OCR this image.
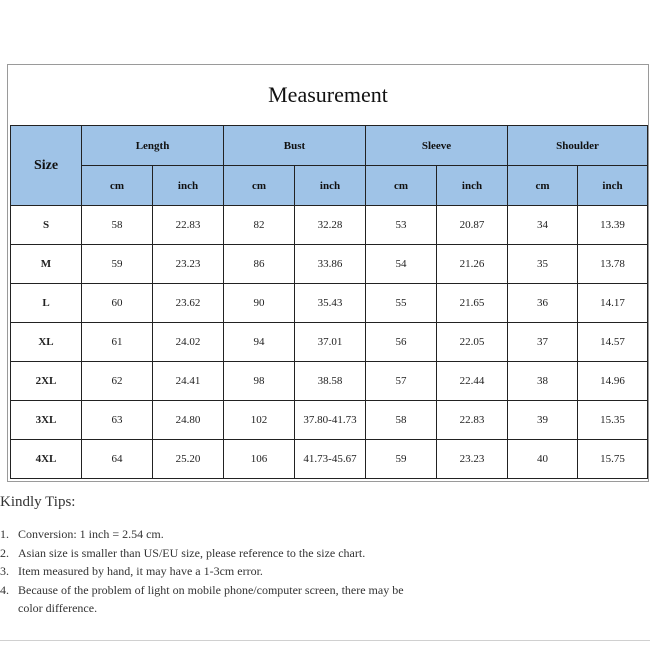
Measurement
Size	Length		Bust		Sleeve		Shoulder	
	cm	inch	cm	inch	cm	inch	cm	inch
S	58	22.83	82	32.28	53	20.87	34	13.39
M	59	23.23	86	33.86	54	21.26	35	13.78
L	60	23.62	90	35.43	55	21.65	36	14.17
XL	61	24.02	94	37.01	56	22.05	37	14.57
2XL	62	24.41	98	38.58	57	22.44	38	14.96
3XL	63	24.80	102	37.80-41.73	58	22.83	39	15.35
4XL	64	25.20	106	41.73-45.67	59	23.23	40	15.75
Kindly Tips:
1. Conversion: 1 inch = 2.54 cm.
2. Asian size is smaller than US/EU size, please reference to the size chart.
3. Item measured by hand, it may have a 1-3cm error.
4. Because of the problem of light on mobile phone/computer screen, there may be color difference.
